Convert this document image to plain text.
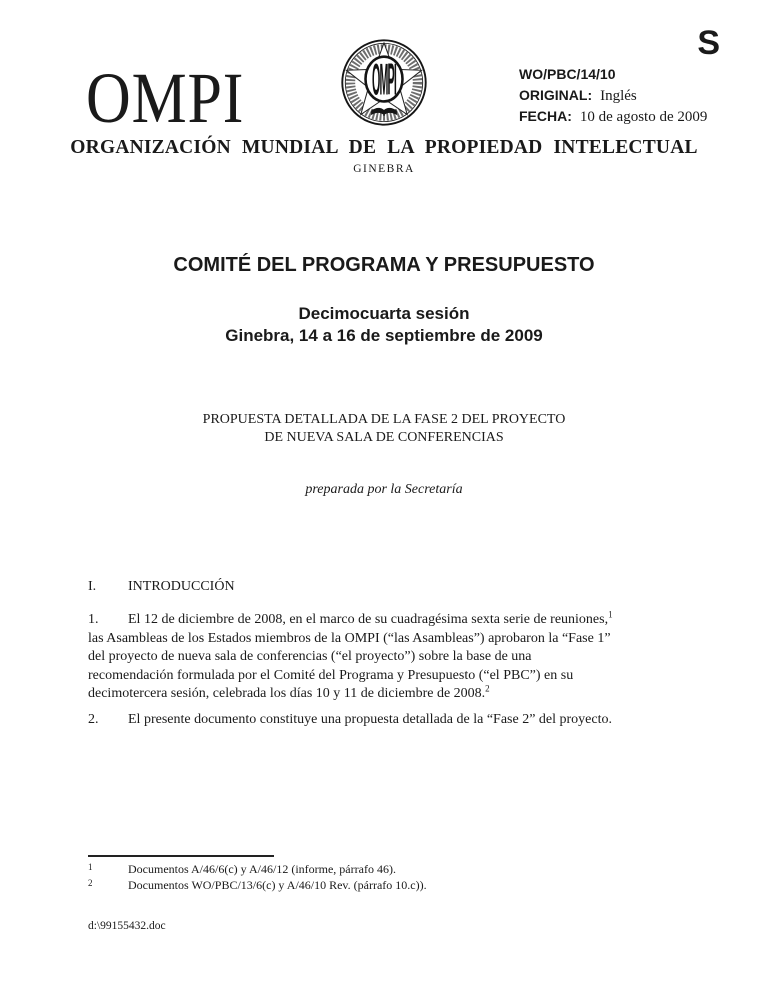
S
OMPI	OMPI	WO/PBC/14/10
ORIGINAL: Inglés
FECHA: 10 de agosto de 2009
ORGANIZACIÓN MUNDIAL DE LA PROPIEDAD INTELECTUAL
GINEBRA
COMITÉ DEL PROGRAMA Y PRESUPUESTO
Decimocuarta sesión
Ginebra, 14 a 16 de septiembre de 2009
PROPUESTA DETALLADA DE LA FASE 2 DEL PROYECTO
DE NUEVA SALA DE CONFERENCIAS
preparada por la Secretaría
I. INTRODUCCIÓN
1. El 12 de diciembre de 2008, en el marco de su cuadragésima sexta serie de reuniones,$^1$
las Asambleas de los Estados miembros de la OMPI (“las Asambleas”) aprobaron la “Fase 1”
del proyecto de nueva sala de conferencias (“el proyecto”) sobre la base de una
recomendación formulada por el Comité del Programa y Presupuesto (“el PBC”) en su
decimotercera sesión, celebrada los días 10 y 11 de diciembre de 2008.$^2$
2. El presente documento constituye una propuesta detallada de la “Fase 2” del proyecto.
$^1$	Documentos A/46/6(c) y A/46/12 (informe, párrafo 46).
$^2$	Documentos WO/PBC/13/6(c) y A/46/10 Rev. (párrafo 10.c)).
d:\99155432.doc
